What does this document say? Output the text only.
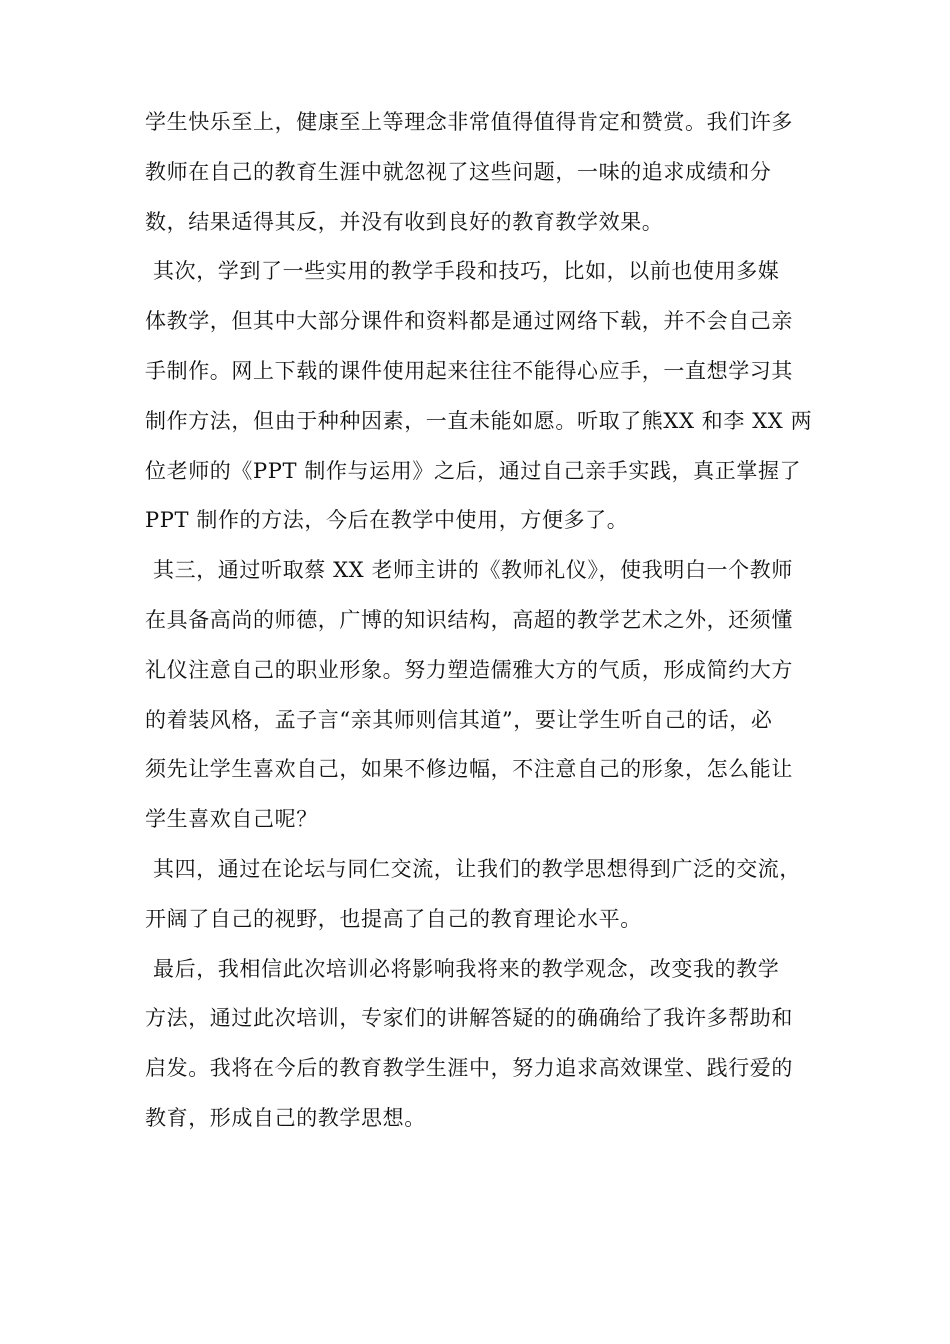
学生快乐至上，健康至上等理念非常值得值得肯定和赞赏。我们许多
教师在自己的教育生涯中就忽视了这些问题，一味的追求成绩和分
数，结果适得其反，并没有收到良好的教育教学效果。
其次，学到了一些实用的教学手段和技巧，比如，以前也使用多媒
体教学，但其中大部分课件和资料都是通过网络下载，并不会自己亲
手制作。网上下载的课件使用起来往往不能得心应手，一直想学习其
制作方法，但由于种种因素，一直未能如愿。听取了熊XX 和李 XX 两
位老师的《PPT 制作与运用》之后，通过自己亲手实践，真正掌握了
PPT 制作的方法，今后在教学中使用，方便多了。
其三，通过听取蔡 XX 老师主讲的《教师礼仪》，使我明白一个教师
在具备高尚的师德，广博的知识结构，高超的教学艺术之外，还须懂
礼仪注意自己的职业形象。努力塑造儒雅大方的气质，形成简约大方
的着装风格，孟子言“亲其师则信其道”，要让学生听自己的话，必
须先让学生喜欢自己，如果不修边幅，不注意自己的形象，怎么能让
学生喜欢自己呢？
其四，通过在论坛与同仁交流，让我们的教学思想得到广泛的交流，
开阔了自己的视野，也提高了自己的教育理论水平。
最后，我相信此次培训必将影响我将来的教学观念，改变我的教学
方法，通过此次培训，专家们的讲解答疑的的确确给了我许多帮助和
启发。我将在今后的教育教学生涯中，努力追求高效课堂、践行爱的
教育，形成自己的教学思想。
